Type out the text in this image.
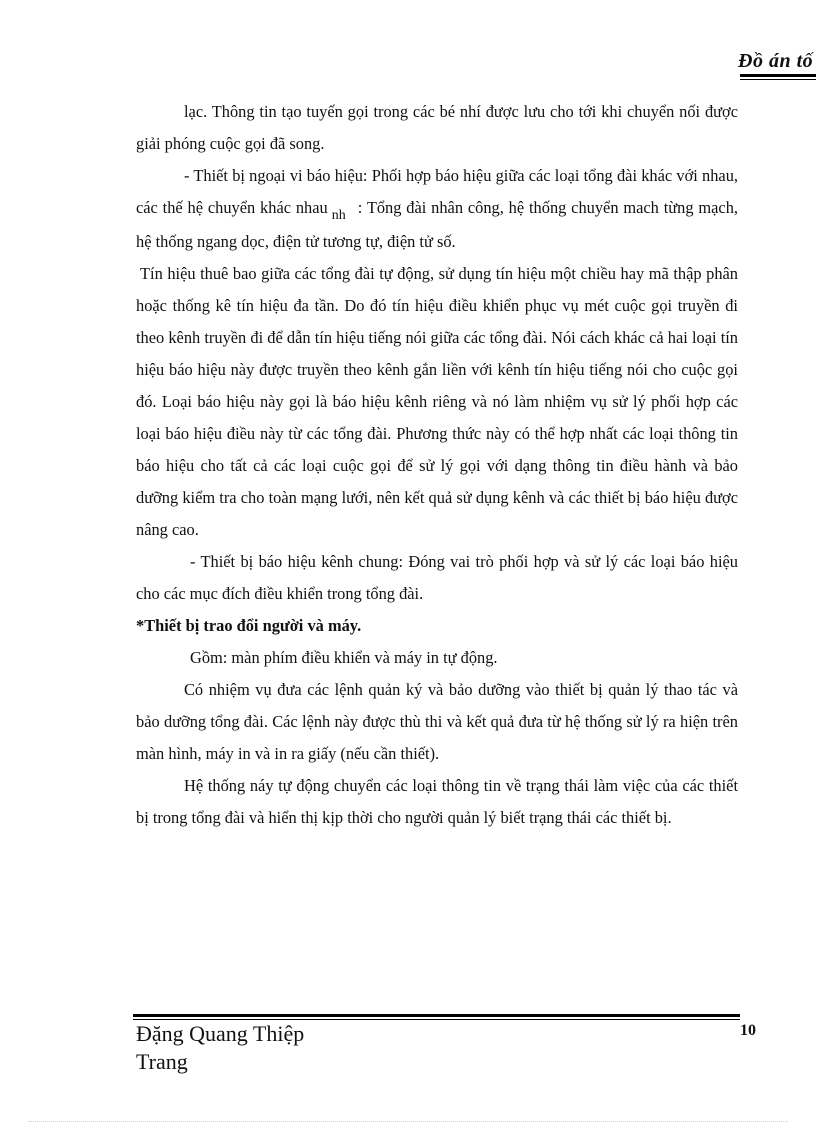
Đồ án tố

lạc. Thông tin tạo tuyến gọi trong các bé nhí được lưu cho tới khi chuyển nối được giải phóng cuộc gọi đã song.

- Thiết bị ngoại vi báo hiệu: Phối hợp báo hiệu giữa các loại tổng đài khác với nhau, các thế hệ chuyển khác nhau nh : Tổng đài nhân công, hệ thống chuyển mach từng mạch, hệ thống ngang dọc, điện tử tương tự, điện tử số.

Tín hiệu thuê bao giữa các tổng đài tự động, sử dụng tín hiệu một chiều hay mã thập phân hoặc thống kê tín hiệu đa tần. Do đó tín hiệu điều khiển phục vụ mét cuộc gọi truyền đi theo kênh truyền đi để dẫn tín hiệu tiếng nói giữa các tổng đài. Nói cách khác cả hai loại tín hiệu báo hiệu này được truyền theo kênh gắn liền với kênh tín hiệu tiếng nói cho cuộc gọi đó. Loại báo hiệu này gọi là báo hiệu kênh riêng và nó làm nhiệm vụ sử lý phối hợp các loại báo hiệu điều này từ các tổng đài. Phương thức này có thể hợp nhất các loại thông tin báo hiệu cho tất cả các loại cuộc gọi để sử lý gọi với dạng thông tin điều hành và bảo dưỡng kiểm tra cho toàn mạng lưới, nên kết quả sử dụng kênh và các thiết bị báo hiệu được nâng cao.

- Thiết bị báo hiệu kênh chung: Đóng vai trò phối hợp và sử lý các loại báo hiệu cho các mục đích điều khiển trong tổng đài.

*Thiết bị trao đổi người và máy.

Gồm: màn phím điều khiển và máy in tự động.

Có nhiệm vụ đưa các lệnh quản ký và bảo dưỡng vào thiết bị quản lý thao tác và bảo dưỡng tổng đài. Các lệnh này được thù thi và kết quả đưa từ hệ thống sử lý ra hiện trên màn hình, máy in và in ra giấy (nếu cần thiết).

Hệ thống náy tự động chuyển các loại thông tin về trạng thái làm việc của các thiết bị trong tổng đài và hiển thị kịp thời cho người quản lý biết trạng thái các thiết bị.

Đặng Quang Thiệp
Trang
10
